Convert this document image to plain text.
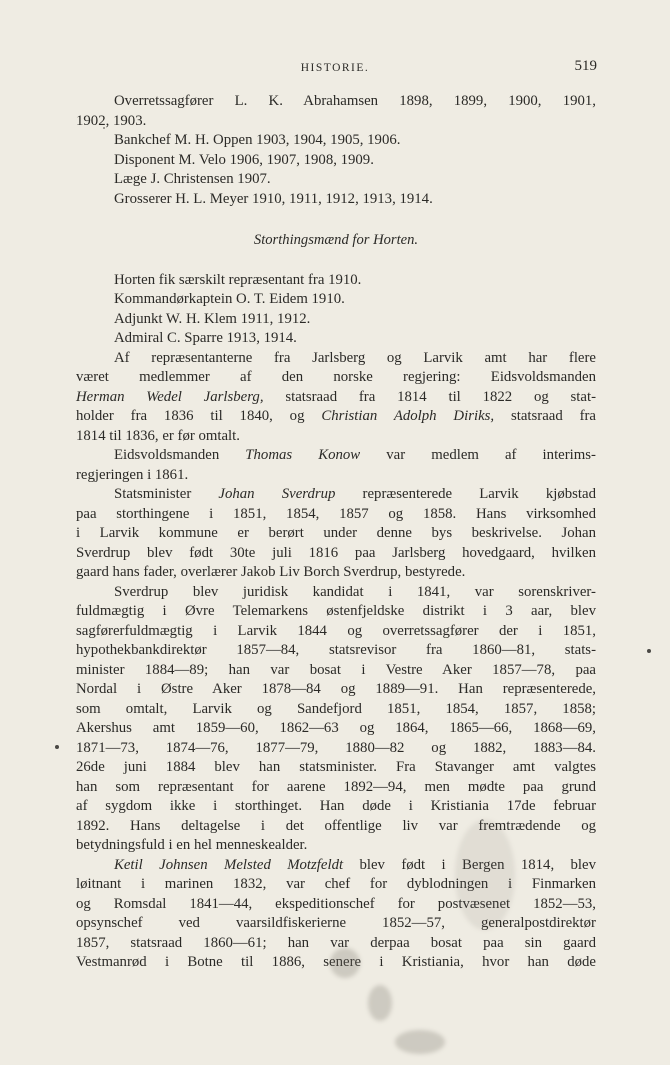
HISTORIE.	519
Overretssagfører L. K. Abrahamsen 1898, 1899, 1900, 1901,
1902, 1903.
Bankchef M. H. Oppen 1903, 1904, 1905, 1906.
Disponent M. Velo 1906, 1907, 1908, 1909.
Læge J. Christensen 1907.
Grosserer H. L. Meyer 1910, 1911, 1912, 1913, 1914.
Storthingsmænd for Horten.
Horten fik særskilt repræsentant fra 1910.
Kommandørkaptein O. T. Eidem 1910.
Adjunkt W. H. Klem 1911, 1912.
Admiral C. Sparre 1913, 1914.
Af repræsentanterne fra Jarlsberg og Larvik amt har flere
været medlemmer af den norske regjering: Eidsvoldsmanden
Herman Wedel Jarlsberg, statsraad fra 1814 til 1822 og stat-
holder fra 1836 til 1840, og Christian Adolph Diriks, statsraad fra
1814 til 1836, er før omtalt.
Eidsvoldsmanden Thomas Konow var medlem af interims-
regjeringen i 1861.
Statsminister Johan Sverdrup repræsenterede Larvik kjøbstad
paa storthingene i 1851, 1854, 1857 og 1858. Hans virksomhed
i Larvik kommune er berørt under denne bys beskrivelse. Johan
Sverdrup blev født 30te juli 1816 paa Jarlsberg hovedgaard, hvilken
gaard hans fader, overlærer Jakob Liv Borch Sverdrup, bestyrede.
Sverdrup blev juridisk kandidat i 1841, var sorenskriver-
fuldmægtig i Øvre Telemarkens østenfjeldske distrikt i 3 aar, blev
sagførerfuldmægtig i Larvik 1844 og overretssagfører der i 1851,
hypothekbankdirektør 1857—84, statsrevisor fra 1860—81, stats-
minister 1884—89; han var bosat i Vestre Aker 1857—78, paa
Nordal i Østre Aker 1878—84 og 1889—91. Han repræsenterede,
som omtalt, Larvik og Sandefjord 1851, 1854, 1857, 1858;
Akershus amt 1859—60, 1862—63 og 1864, 1865—66, 1868—69,
1871—73, 1874—76, 1877—79, 1880—82 og 1882, 1883—84.
26de juni 1884 blev han statsminister. Fra Stavanger amt valgtes
han som repræsentant for aarene 1892—94, men mødte paa grund
af sygdom ikke i storthinget. Han døde i Kristiania 17de februar
1892. Hans deltagelse i det offentlige liv var fremtrædende og
betydningsfuld i en hel menneskealder.
Ketil Johnsen Melsted Motzfeldt blev født i Bergen 1814, blev
løitnant i marinen 1832, var chef for dyblodningen i Finmarken
og Romsdal 1841—44, ekspeditionschef for postvæsenet 1852—53,
opsynschef ved vaarsildfiskerierne 1852—57, generalpostdirektør
1857, statsraad 1860—61; han var derpaa bosat paa sin gaard
Vestmanrød i Botne til 1886, senere i Kristiania, hvor han døde
